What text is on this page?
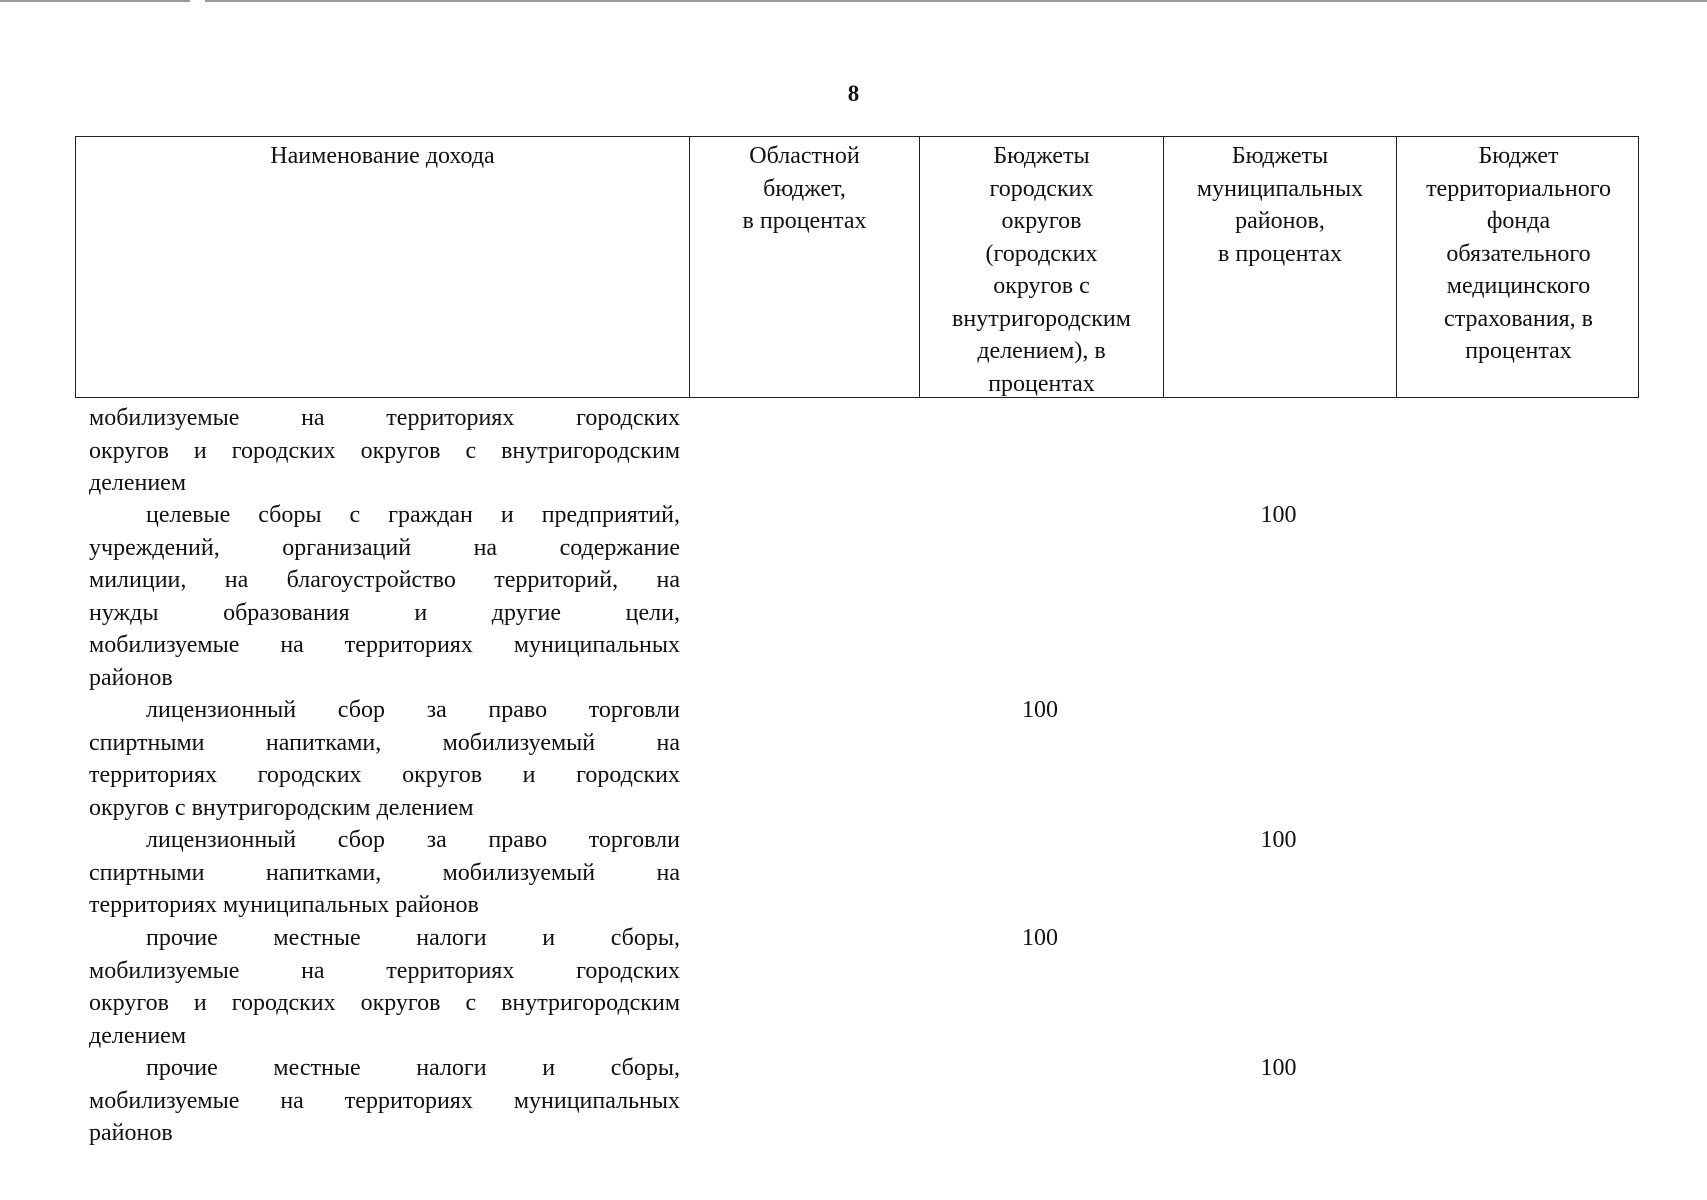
8
Наименование дохода	Областной
бюджет,
в процентах
Бюджеты
городских
округов
(городских
округов с
внутригородским
делением), в
процентах
Бюджеты
муниципальных
районов,
в процентах
Бюджет
территориального
фонда
обязательного
медицинского
страхования, в
процентах
мобилизуемые на территориях городских
округов и городских округов с внутригородским
делением
целевые сборы с граждан и предприятий,
учреждений, организаций на содержание
милиции, на благоустройство территорий, на
нужды образования и другие цели,
мобилизуемые на территориях муниципальных
районов
100
лицензионный сбор за право торговли
спиртными напитками, мобилизуемый на
территориях городских округов и городских
округов с внутригородским делением
100
лицензионный сбор за право торговли
спиртными напитками, мобилизуемый на
территориях муниципальных районов
100
прочие местные налоги и сборы,
мобилизуемые на территориях городских
округов и городских округов с внутригородским
делением
100
прочие местные налоги и сборы,
мобилизуемые на территориях муниципальных
районов
100
